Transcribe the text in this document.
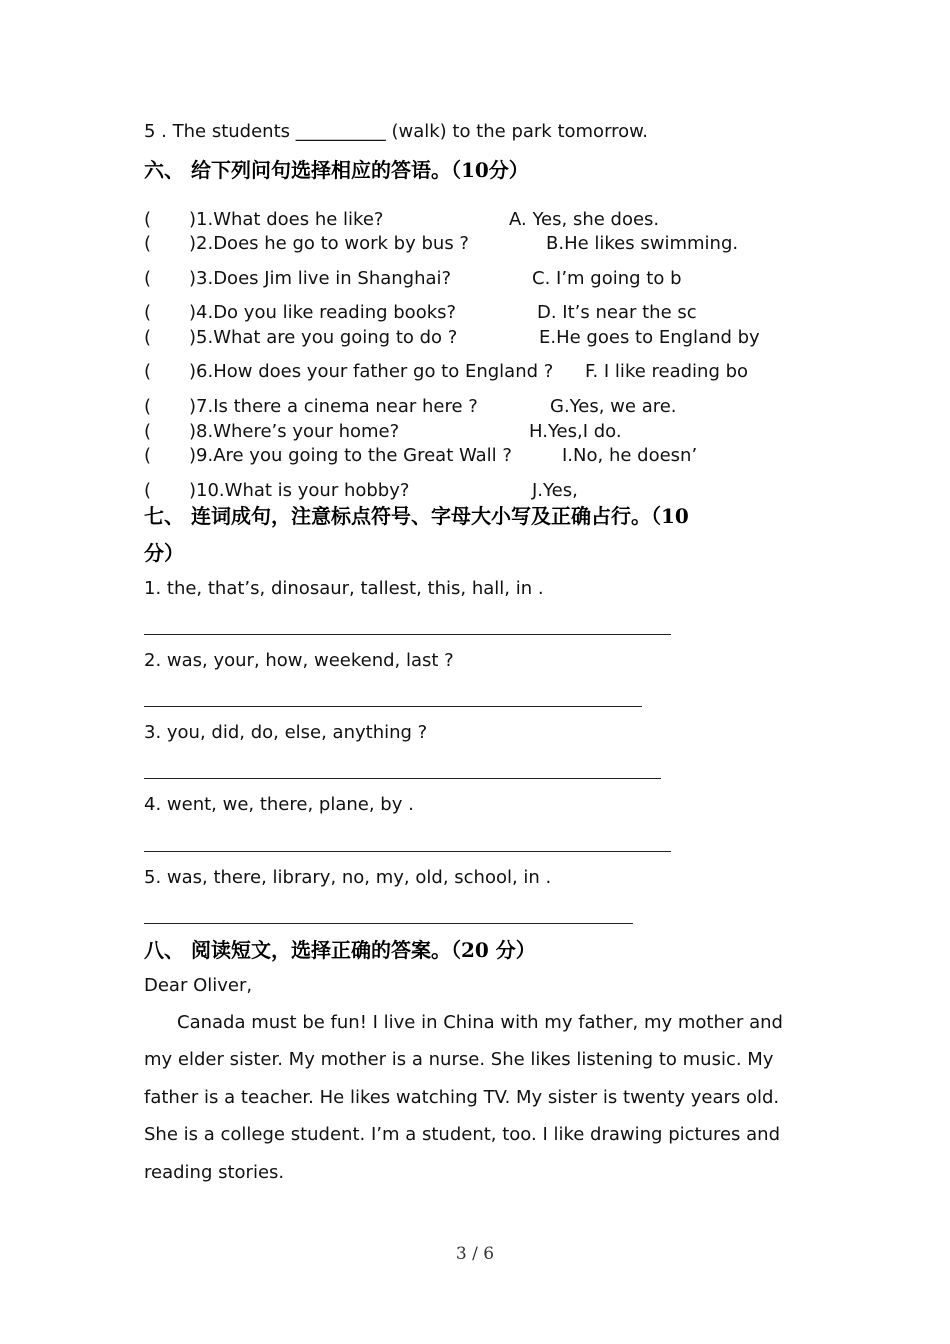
5 . The students __________ (walk) to the park tomorrow.
六、 给下列问句选择相应的答语。（10分）
( )1.What does he like?	A. Yes, she does.
( )2.Does he go to work by bus ?	B.He likes swimming.
( )3.Does Jim live in Shanghai?	C. I’m going to b
( )4.Do you like reading books?	D. It’s near the sc
( )5.What are you going to do ?	E.He goes to England by
( )6.How does your father go to England ? F. I like reading bo
( )7.Is there a cinema near here ?	G.Yes, we are.
( )8.Where’s your home?	H.Yes,I do.
( )9.Are you going to the Great Wall ?	I.No, he doesn’
( )10.What is your hobby?	J.Yes,
七、 连词成句，注意标点符号、字母大小写及正确占行。（10
分）
1. the, that’s, dinosaur, tallest, this, hall, in .
2. was, your, how, weekend, last ?
3. you, did, do, else, anything ?
4. went, we, there, plane, by .
5. was, there, library, no, my, old, school, in .
八、 阅读短文，选择正确的答案。（20 分）
Dear Oliver,
Canada must be fun! I live in China with my father, my mother and my elder sister. My mother is a nurse. She likes listening to music. My father is a teacher. He likes watching TV. My sister is twenty years old. She is a college student. I’m a student, too. I like drawing pictures and reading stories.
3 / 6
